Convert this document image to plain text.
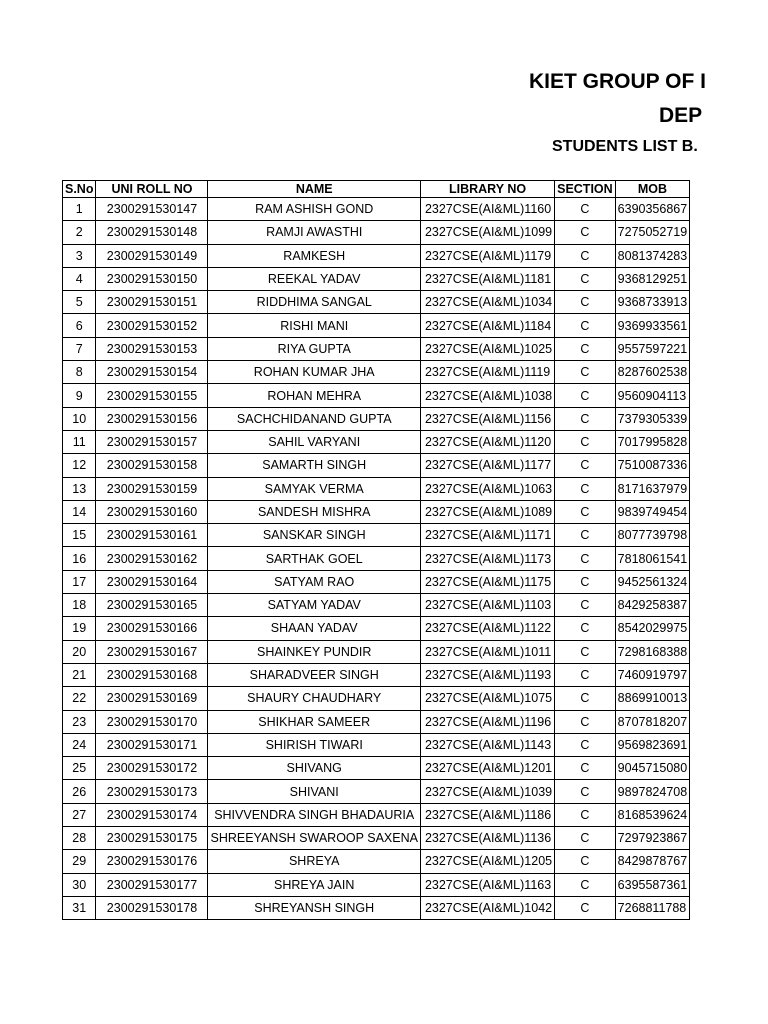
KIET GROUP OF I
DEP
STUDENTS LIST B.
S.No	UNI ROLL NO	NAME	LIBRARY NO	SECTION	MOB
1	2300291530147	RAM ASHISH GOND	2327CSE(AI&ML)1160	C	6390356867
2	2300291530148	RAMJI AWASTHI	2327CSE(AI&ML)1099	C	7275052719
3	2300291530149	RAMKESH	2327CSE(AI&ML)1179	C	8081374283
4	2300291530150	REEKAL YADAV	2327CSE(AI&ML)1181	C	9368129251
5	2300291530151	RIDDHIMA SANGAL	2327CSE(AI&ML)1034	C	9368733913
6	2300291530152	RISHI MANI	2327CSE(AI&ML)1184	C	9369933561
7	2300291530153	RIYA GUPTA	2327CSE(AI&ML)1025	C	9557597221
8	2300291530154	ROHAN KUMAR JHA	2327CSE(AI&ML)1119	C	8287602538
9	2300291530155	ROHAN MEHRA	2327CSE(AI&ML)1038	C	9560904113
10	2300291530156	SACHCHIDANAND GUPTA	2327CSE(AI&ML)1156	C	7379305339
11	2300291530157	SAHIL VARYANI	2327CSE(AI&ML)1120	C	7017995828
12	2300291530158	SAMARTH SINGH	2327CSE(AI&ML)1177	C	7510087336
13	2300291530159	SAMYAK VERMA	2327CSE(AI&ML)1063	C	8171637979
14	2300291530160	SANDESH MISHRA	2327CSE(AI&ML)1089	C	9839749454
15	2300291530161	SANSKAR SINGH	2327CSE(AI&ML)1171	C	8077739798
16	2300291530162	SARTHAK GOEL	2327CSE(AI&ML)1173	C	7818061541
17	2300291530164	SATYAM RAO	2327CSE(AI&ML)1175	C	9452561324
18	2300291530165	SATYAM YADAV	2327CSE(AI&ML)1103	C	8429258387
19	2300291530166	SHAAN YADAV	2327CSE(AI&ML)1122	C	8542029975
20	2300291530167	SHAINKEY PUNDIR	2327CSE(AI&ML)1011	C	7298168388
21	2300291530168	SHARADVEER SINGH	2327CSE(AI&ML)1193	C	7460919797
22	2300291530169	SHAURY CHAUDHARY	2327CSE(AI&ML)1075	C	8869910013
23	2300291530170	SHIKHAR SAMEER	2327CSE(AI&ML)1196	C	8707818207
24	2300291530171	SHIRISH TIWARI	2327CSE(AI&ML)1143	C	9569823691
25	2300291530172	SHIVANG	2327CSE(AI&ML)1201	C	9045715080
26	2300291530173	SHIVANI	2327CSE(AI&ML)1039	C	9897824708
27	2300291530174	SHIVVENDRA SINGH BHADAURIA	2327CSE(AI&ML)1186	C	8168539624
28	2300291530175	SHREEYANSH SWAROOP SAXENA	2327CSE(AI&ML)1136	C	7297923867
29	2300291530176	SHREYA	2327CSE(AI&ML)1205	C	8429878767
30	2300291530177	SHREYA JAIN	2327CSE(AI&ML)1163	C	6395587361
31	2300291530178	SHREYANSH SINGH	2327CSE(AI&ML)1042	C	7268811788
